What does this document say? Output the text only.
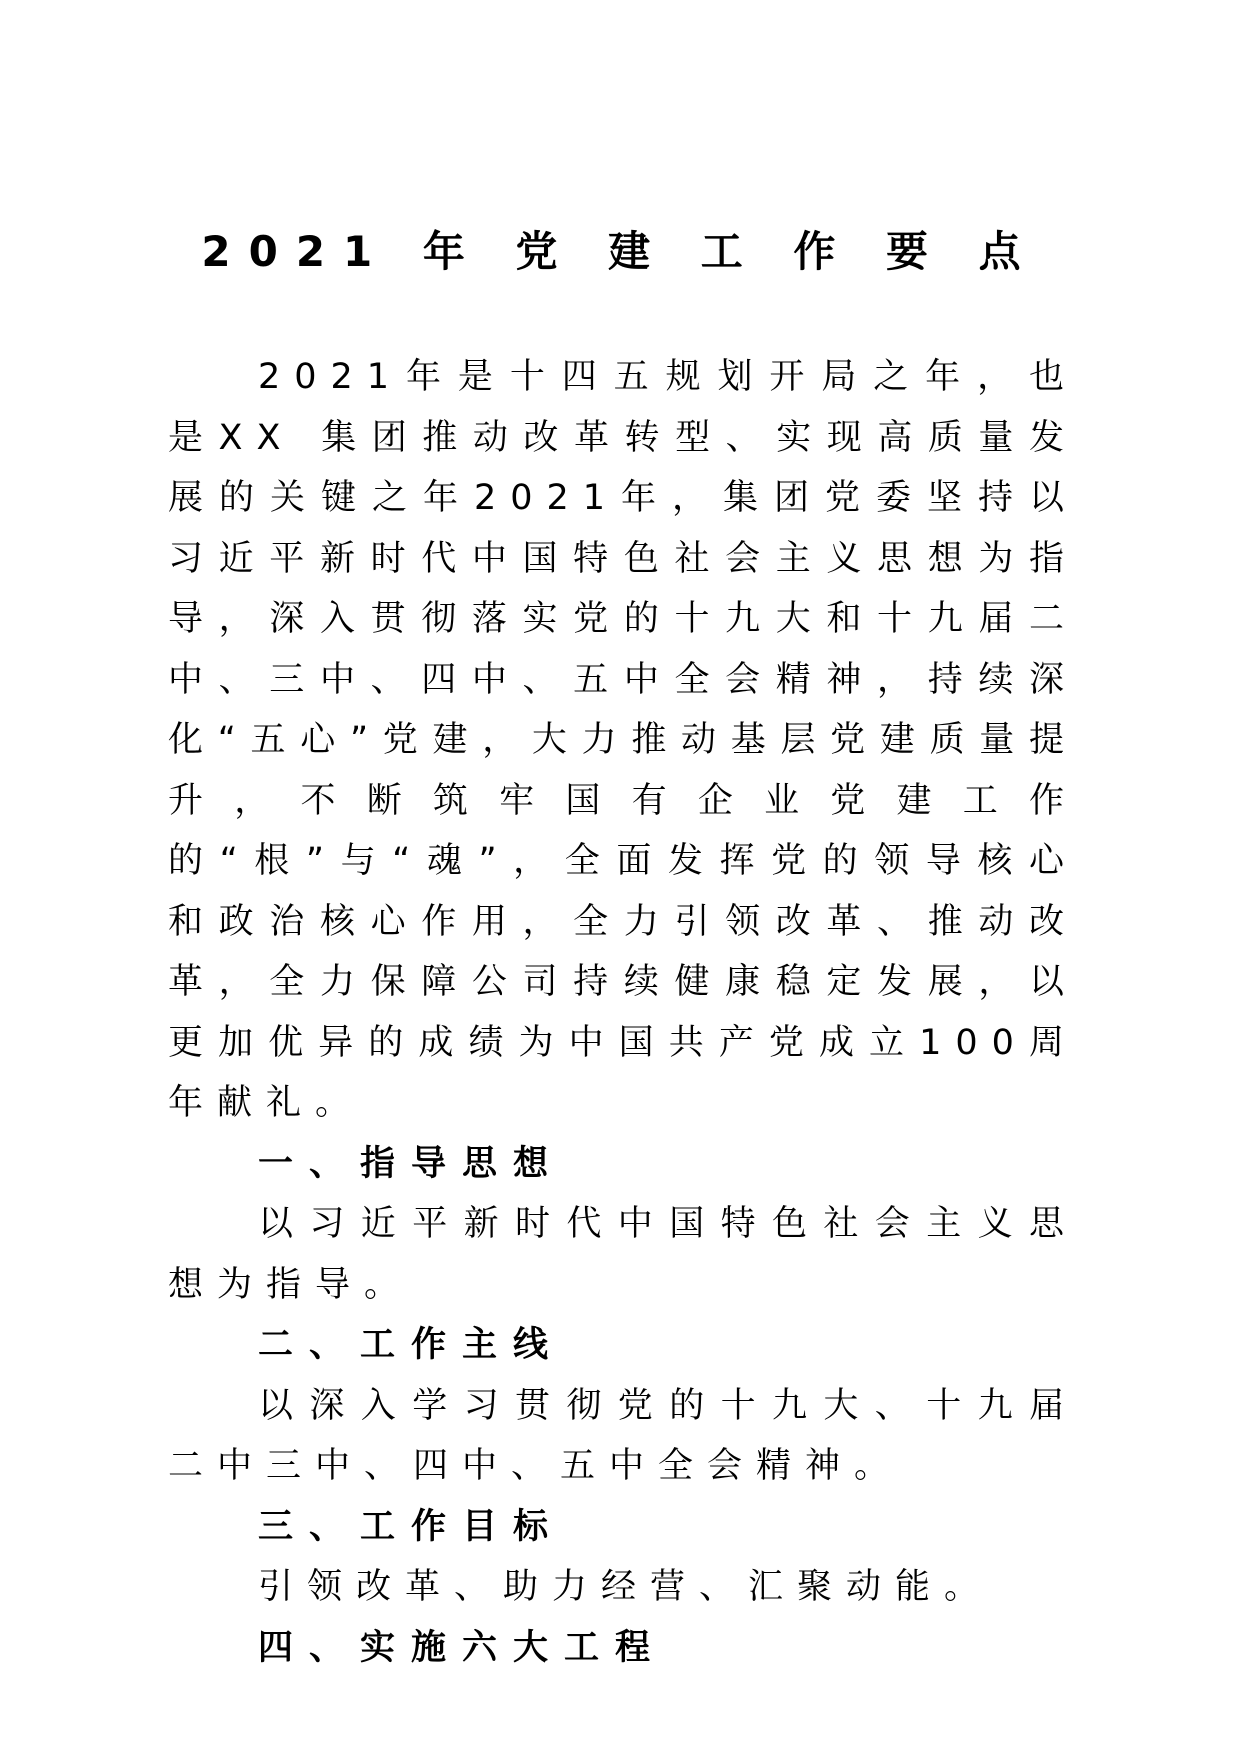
2021 年 党 建 工 作 要 点

2021年是十四五规划开局之年，也是XX 集团推动改革转型、实现高质量发展的关键之年2021年，集团党委坚持以习近平新时代中国特色社会主义思想为指导，深入贯彻落实党的十九大和十九届二中、三中、四中、五中全会精神，持续深化“五心”党建，大力推动基层党建质量提升，不断筑牢国有企业党建工作的“根”与“魂”，全面发挥党的领导核心和政治核心作用，全力引领改革、推动改革，全力保障公司持续健康稳定发展，以更加优异的成绩为中国共产党成立100周年献礼。

一、指导思想

以习近平新时代中国特色社会主义思想为指导。

二、工作主线

以深入学习贯彻党的十九大、十九届二中三中、四中、五中全会精神。

三、工作目标

引领改革、助力经营、汇聚动能。

四、实施六大工程
